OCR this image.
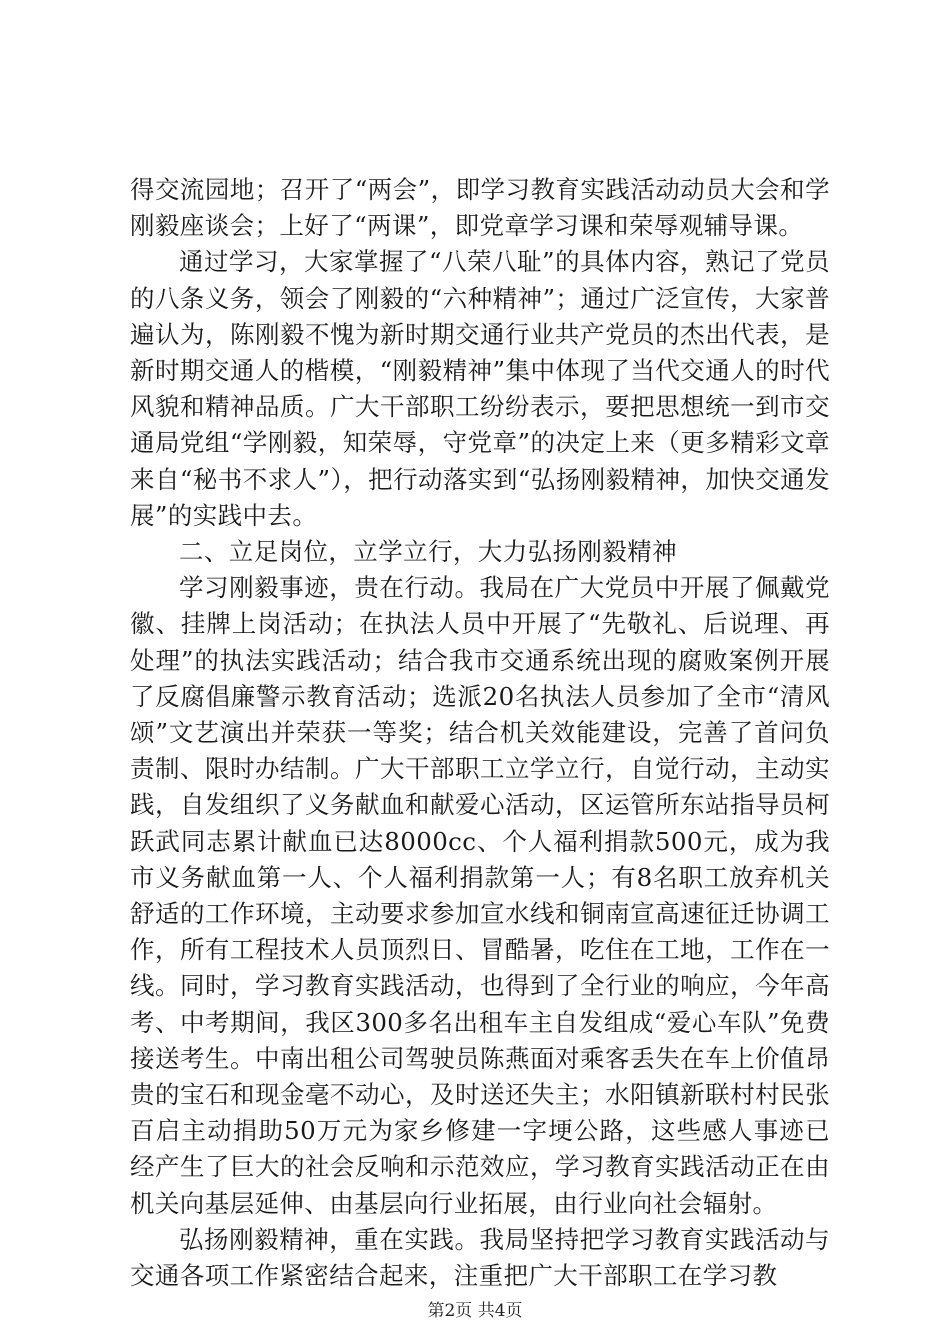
得交流园地；召开了“两会”，即学习教育实践活动动员大会和学刚毅座谈会；上好了“两课”，即党章学习课和荣辱观辅导课。

通过学习，大家掌握了“八荣八耻”的具体内容，熟记了党员的八条义务，领会了刚毅的“六种精神”；通过广泛宣传，大家普遍认为，陈刚毅不愧为新时期交通行业共产党员的杰出代表，是新时期交通人的楷模，“刚毅精神”集中体现了当代交通人的时代风貌和精神品质。广大干部职工纷纷表示，要把思想统一到市交通局党组“学刚毅，知荣辱，守党章”的决定上来（更多精彩文章来自“秘书不求人”），把行动落实到“弘扬刚毅精神，加快交通发展”的实践中去。

二、立足岗位，立学立行，大力弘扬刚毅精神

学习刚毅事迹，贵在行动。我局在广大党员中开展了佩戴党徽、挂牌上岗活动；在执法人员中开展了“先敬礼、后说理、再处理”的执法实践活动；结合我市交通系统出现的腐败案例开展了反腐倡廉警示教育活动；选派20名执法人员参加了全市“清风颂”文艺演出并荣获一等奖；结合机关效能建设，完善了首问负责制、限时办结制。广大干部职工立学立行，自觉行动，主动实践，自发组织了义务献血和献爱心活动，区运管所东站指导员柯跃武同志累计献血已达8000cc、个人福利捐款500元，成为我市义务献血第一人、个人福利捐款第一人；有8名职工放弃机关舒适的工作环境，主动要求参加宣水线和铜南宣高速征迁协调工作，所有工程技术人员顶烈日、冒酷暑，吃住在工地，工作在一线。同时，学习教育实践活动，也得到了全行业的响应，今年高考、中考期间，我区300多名出租车主自发组成“爱心车队”免费接送考生。中南出租公司驾驶员陈燕面对乘客丢失在车上价值昂贵的宝石和现金毫不动心，及时送还失主；水阳镇新联村村民张百启主动捐助50万元为家乡修建一字埂公路，这些感人事迹已经产生了巨大的社会反响和示范效应，学习教育实践活动正在由机关向基层延伸、由基层向行业拓展，由行业向社会辐射。

弘扬刚毅精神，重在实践。我局坚持把学习教育实践活动与交通各项工作紧密结合起来，注重把广大干部职工在学习教

第2页 共4页
